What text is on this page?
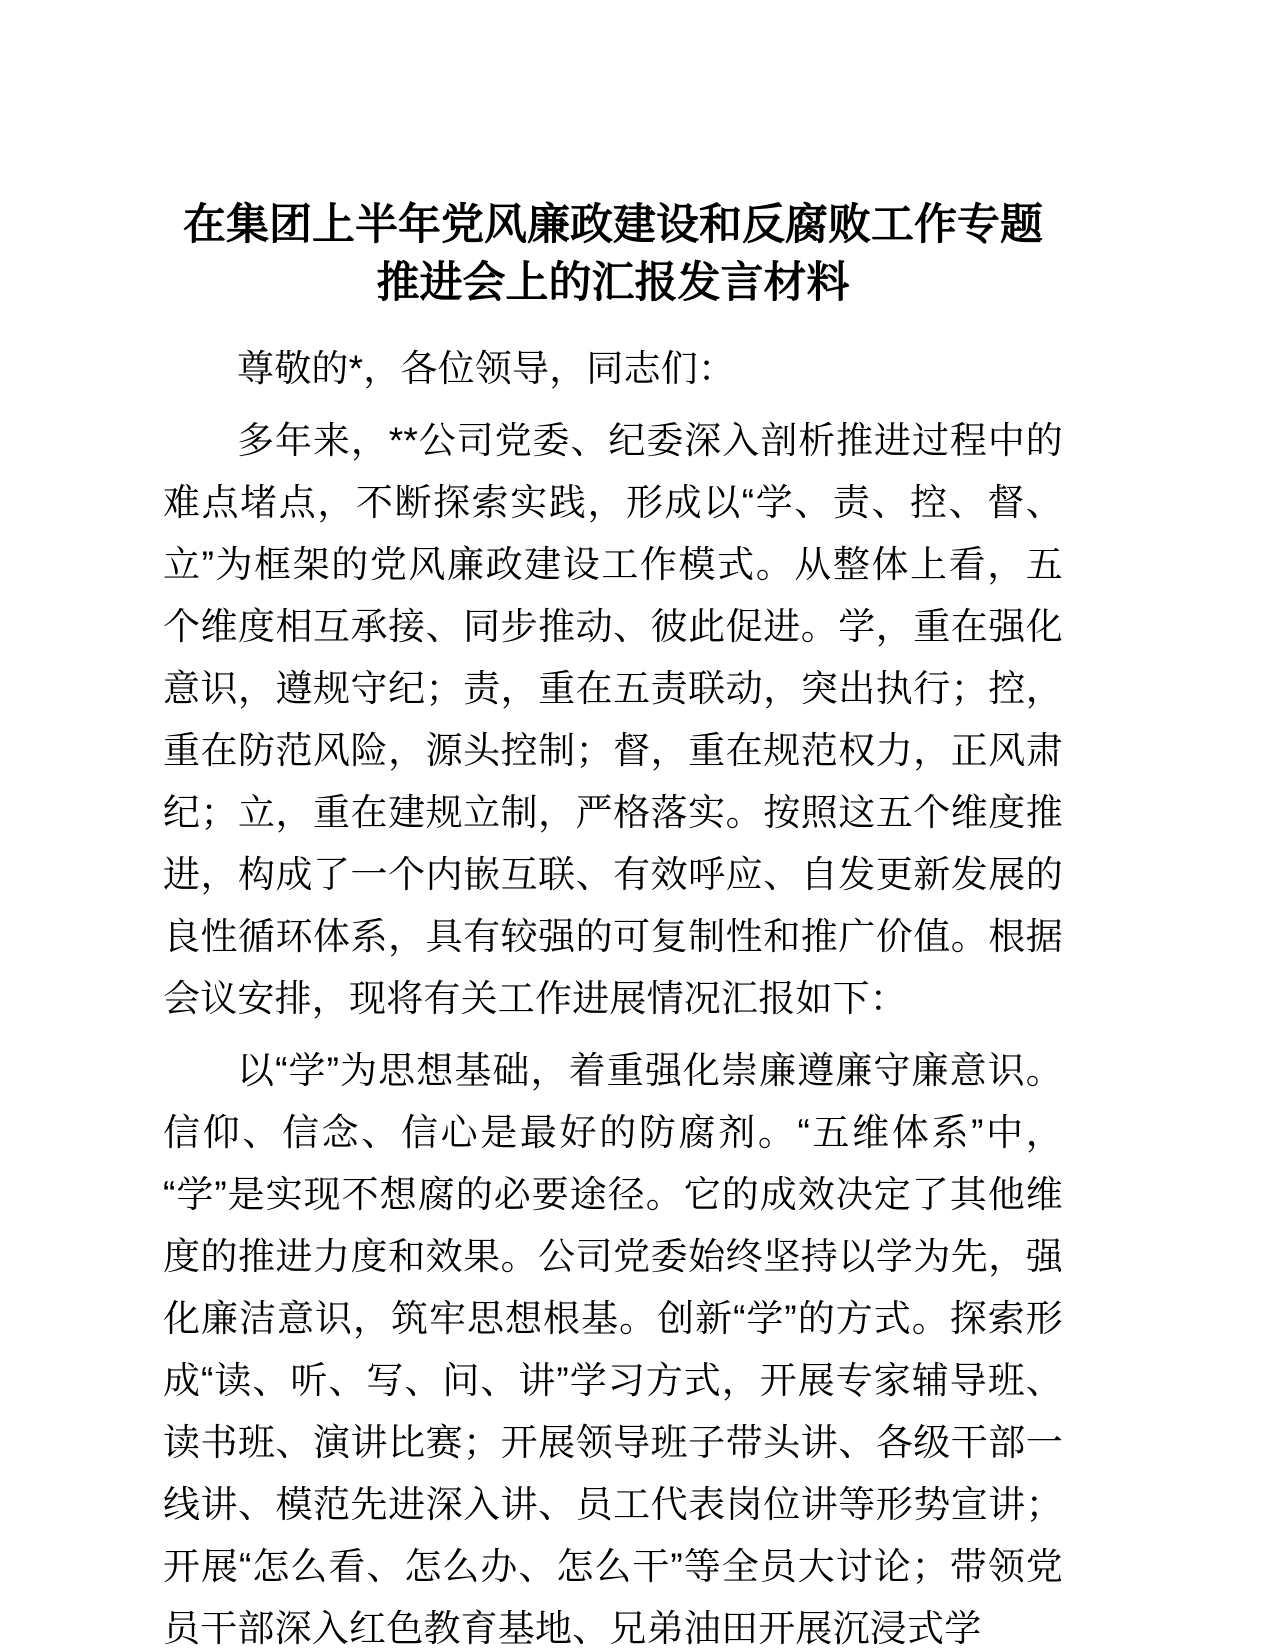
在集团上半年党风廉政建设和反腐败工作专题推进会上的汇报发言材料

尊敬的*，各位领导，同志们：

多年来，**公司党委、纪委深入剖析推进过程中的难点堵点，不断探索实践，形成以“学、责、控、督、立”为框架的党风廉政建设工作模式。从整体上看，五个维度相互承接、同步推动、彼此促进。学，重在强化意识，遵规守纪；责，重在五责联动，突出执行；控，重在防范风险，源头控制；督，重在规范权力，正风肃纪；立，重在建规立制，严格落实。按照这五个维度推进，构成了一个内嵌互联、有效呼应、自发更新发展的良性循环体系，具有较强的可复制性和推广价值。根据会议安排，现将有关工作进展情况汇报如下：

以“学”为思想基础，着重强化崇廉遵廉守廉意识。信仰、信念、信心是最好的防腐剂。“五维体系”中，“学”是实现不想腐的必要途径。它的成效决定了其他维度的推进力度和效果。公司党委始终坚持以学为先，强化廉洁意识，筑牢思想根基。创新“学”的方式。探索形成“读、听、写、问、讲”学习方式，开展专家辅导班、读书班、演讲比赛；开展领导班子带头讲、各级干部一线讲、模范先进深入讲、员工代表岗位讲等形势宣讲；开展“怎么看、怎么办、怎么干”等全员大讨论；带领党员干部深入红色教育基地、兄弟油田开展沉浸式学
